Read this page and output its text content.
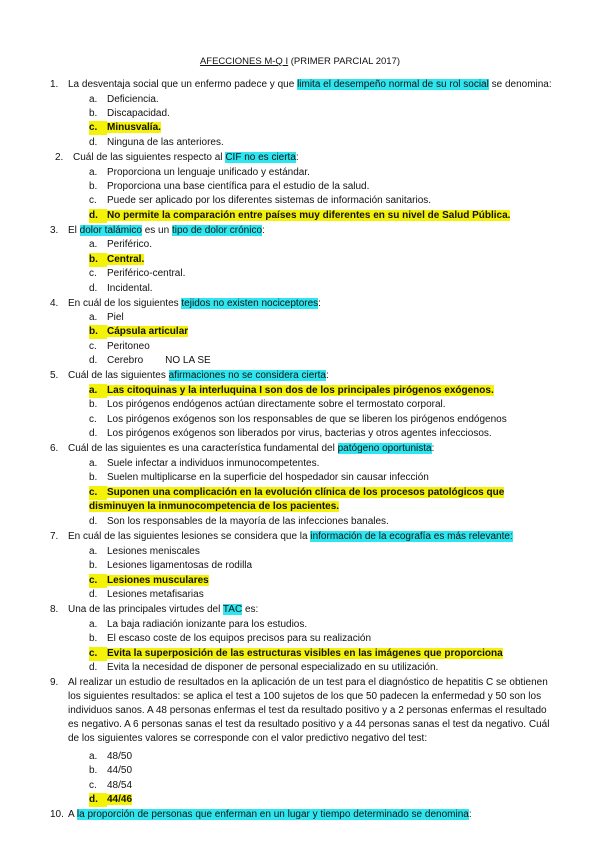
AFECCIONES M-Q I (PRIMER PARCIAL 2017)
1. La desventaja social que un enfermo padece y que limita el desempeño normal de su rol social se denomina:
a. Deficiencia.
b. Discapacidad.
c. Minusvalía.
d. Ninguna de las anteriores.
2. Cuál de las siguientes respecto al CIF no es cierta:
a. Proporciona un lenguaje unificado y estándar.
b. Proporciona una base científica para el estudio de la salud.
c. Puede ser aplicado por los diferentes sistemas de información sanitarios.
d. No permite la comparación entre países muy diferentes en su nivel de Salud Pública.
3. El dolor talámico es un tipo de dolor crónico:
a. Periférico.
b. Central.
c. Periférico-central.
d. Incidental.
4. En cuál de los siguientes tejidos no existen nociceptores:
a. Piel
b. Cápsula articular
c. Peritoneo
d. Cerebro NO LA SE
5. Cuál de las siguientes afirmaciones no se considera cierta:
a. Las citoquinas y la interluquina I son dos de los principales pirógenos exógenos.
b. Los pirógenos endógenos actúan directamente sobre el termostato corporal.
c. Los pirógenos exógenos son los responsables de que se liberen los pirógenos endógenos
d. Los pirógenos exógenos son liberados por virus, bacterias y otros agentes infecciosos.
6. Cuál de las siguientes es una característica fundamental del patógeno oportunista:
a. Suele infectar a individuos inmunocompetentes.
b. Suelen multiplicarse en la superficie del hospedador sin causar infección
c. Suponen una complicación en la evolución clínica de los procesos patológicos que disminuyen la inmunocompetencia de los pacientes.
d. Son los responsables de la mayoría de las infecciones banales.
7. En cuál de las siguientes lesiones se considera que la información de la ecografía es más relevante:
a. Lesiones meniscales
b. Lesiones ligamentosas de rodilla
c. Lesiones musculares
d. Lesiones metafisarias
8. Una de las principales virtudes del TAC es:
a. La baja radiación ionizante para los estudios.
b. El escaso coste de los equipos precisos para su realización
c. Evita la superposición de las estructuras visibles en las imágenes que proporciona
d. Evita la necesidad de disponer de personal especializado en su utilización.
9. Al realizar un estudio de resultados en la aplicación de un test para el diagnóstico de hepatitis C se obtienen los siguientes resultados: se aplica el test a 100 sujetos de los que 50 padecen la enfermedad y 50 son los individuos sanos. A 48 personas enfermas el test da resultado positivo y a 2 personas enfermas el resultado es negativo. A 6 personas sanas el test da resultado positivo y a 44 personas sanas el test da negativo. Cuál de los siguientes valores se corresponde con el valor predictivo negativo del test:
a. 48/50
b. 44/50
c. 48/54
d. 44/46
10. A la proporción de personas que enferman en un lugar y tiempo determinado se denomina:
